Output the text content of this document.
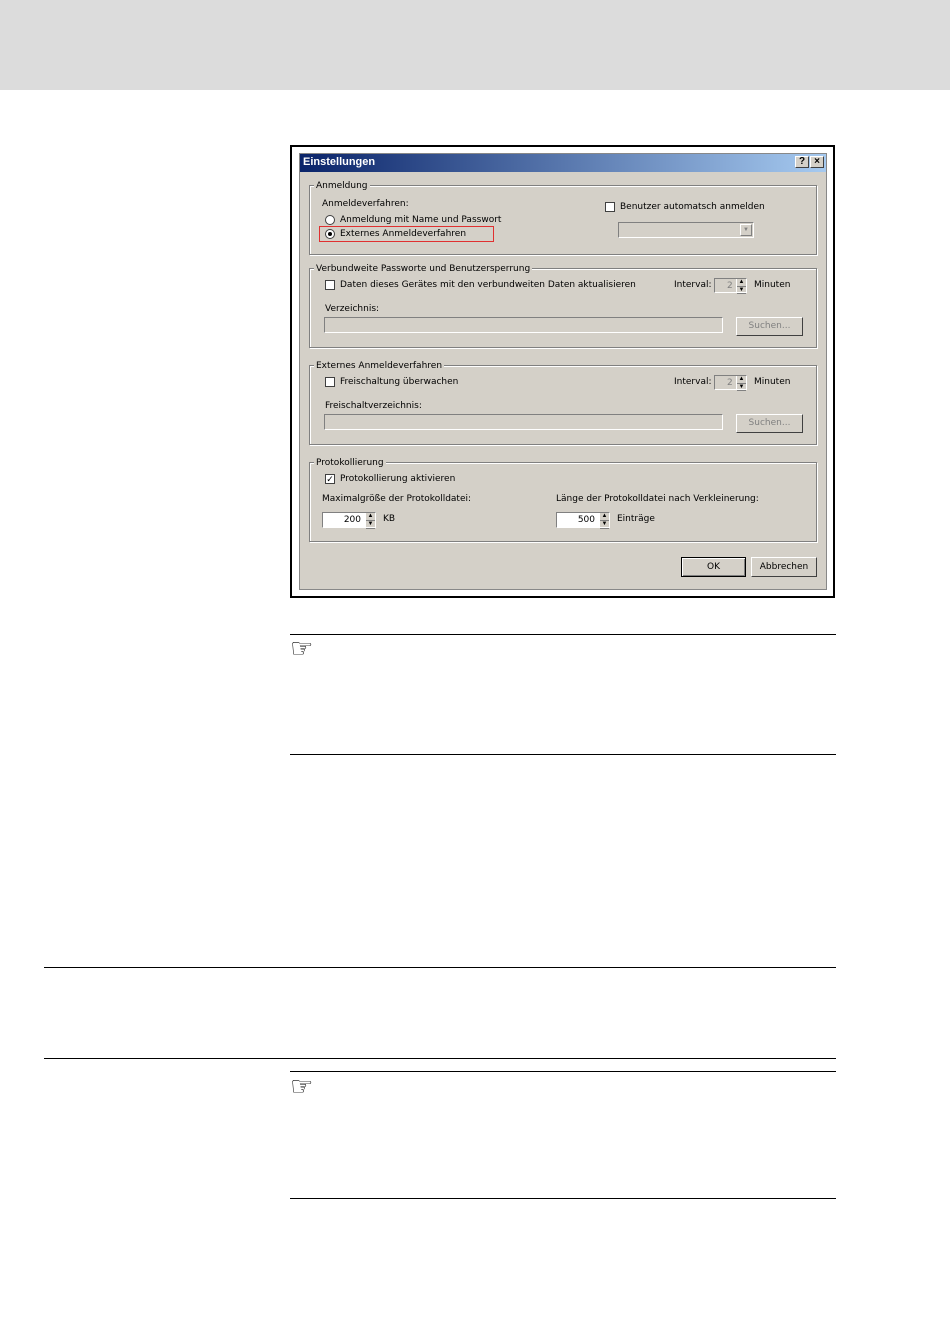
Einstellungen	? ×
Anmeldung
Anmeldeverfahren:
Anmeldung mit Name und Passwort
Externes Anmeldeverfahren
Benutzer automatsch anmelden
▼
Verbundweite Passworte und Benutzersperrung
Daten dieses Gerätes mit den verbundweiten Daten aktualisieren	Interval: 2 ▲
▼ Minuten
Verzeichnis:
Suchen...
Externes Anmeldeverfahren
Freischaltung überwachen	Interval: 2 ▲
▼ Minuten
Freischaltverzeichnis:
Suchen...
Protokollierung
✓ Protokollierung aktivieren
Maximalgröße der Protokolldatei:
200 ▲
▼ KB
Länge der Protokolldatei nach Verkleinerung:
500 ▲
▼ Einträge
OK	Abbrechen
☞
☞
